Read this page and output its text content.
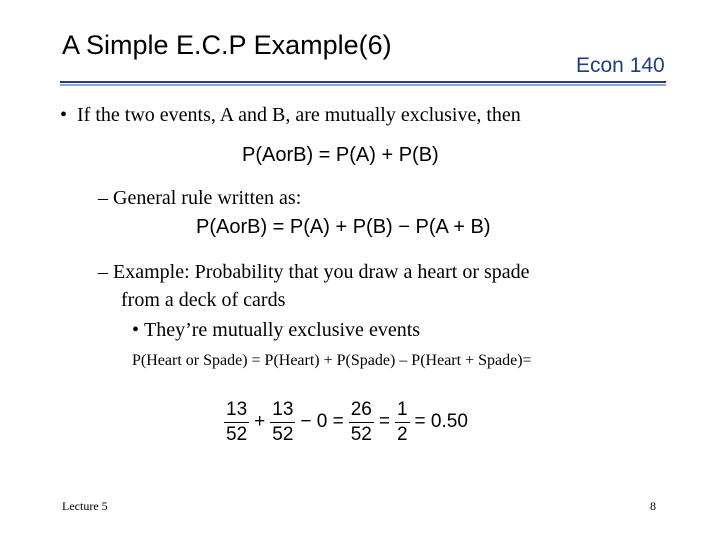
A Simple E.C.P Example(6)
Econ 140
• If the two events, A and B, are mutually exclusive, then
P(AorB) = P(A) + P(B)
– General rule written as:
P(AorB) = P(A) + P(B) − P(A + B)
– Example: Probability that you draw a heart or spade
from a deck of cards
• They’re mutually exclusive events
P(Heart or Spade) = P(Heart) + P(Spade) – P(Heart + Spade)=
$\frac{13}{52} + \frac{13}{52} - 0 = \frac{26}{52} = \frac{1}{2} = 0.50$
Lecture 5	8
